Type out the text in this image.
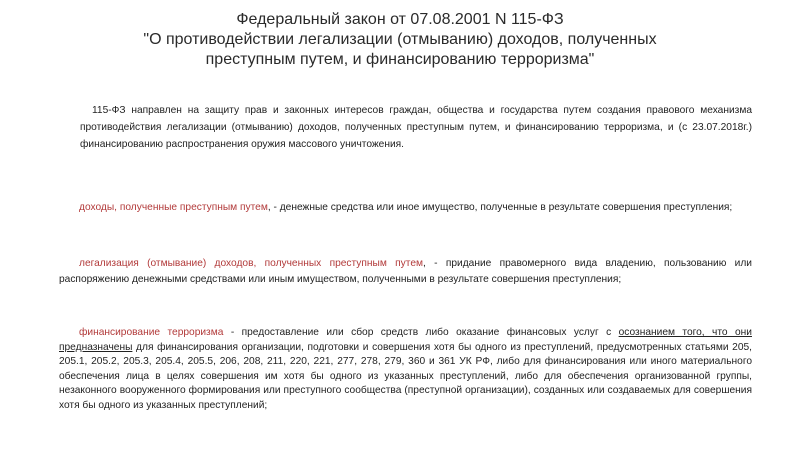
Федеральный закон от 07.08.2001 N 115-ФЗ
"О противодействии легализации (отмыванию) доходов, полученных
преступным путем, и финансированию терроризма"

115-ФЗ направлен на защиту прав и законных интересов граждан, общества и государства путем создания правового механизма противодействия легализации (отмыванию) доходов, полученных преступным путем, и финансированию терроризма, и (с 23.07.2018г.) финансированию распространения оружия массового уничтожения.

доходы, полученные преступным путем, - денежные средства или иное имущество, полученные в результате совершения преступления;

легализация (отмывание) доходов, полученных преступным путем, - придание правомерного вида владению, пользованию или распоряжению денежными средствами или иным имуществом, полученными в результате совершения преступления;

финансирование терроризма - предоставление или сбор средств либо оказание финансовых услуг с осознанием того, что они предназначены для финансирования организации, подготовки и совершения хотя бы одного из преступлений, предусмотренных статьями 205, 205.1, 205.2, 205.3, 205.4, 205.5, 206, 208, 211, 220, 221, 277, 278, 279, 360 и 361 УК РФ, либо для финансирования или иного материального обеспечения лица в целях совершения им хотя бы одного из указанных преступлений, либо для обеспечения организованной группы, незаконного вооруженного формирования или преступного сообщества (преступной организации), созданных или создаваемых для совершения хотя бы одного из указанных преступлений;
